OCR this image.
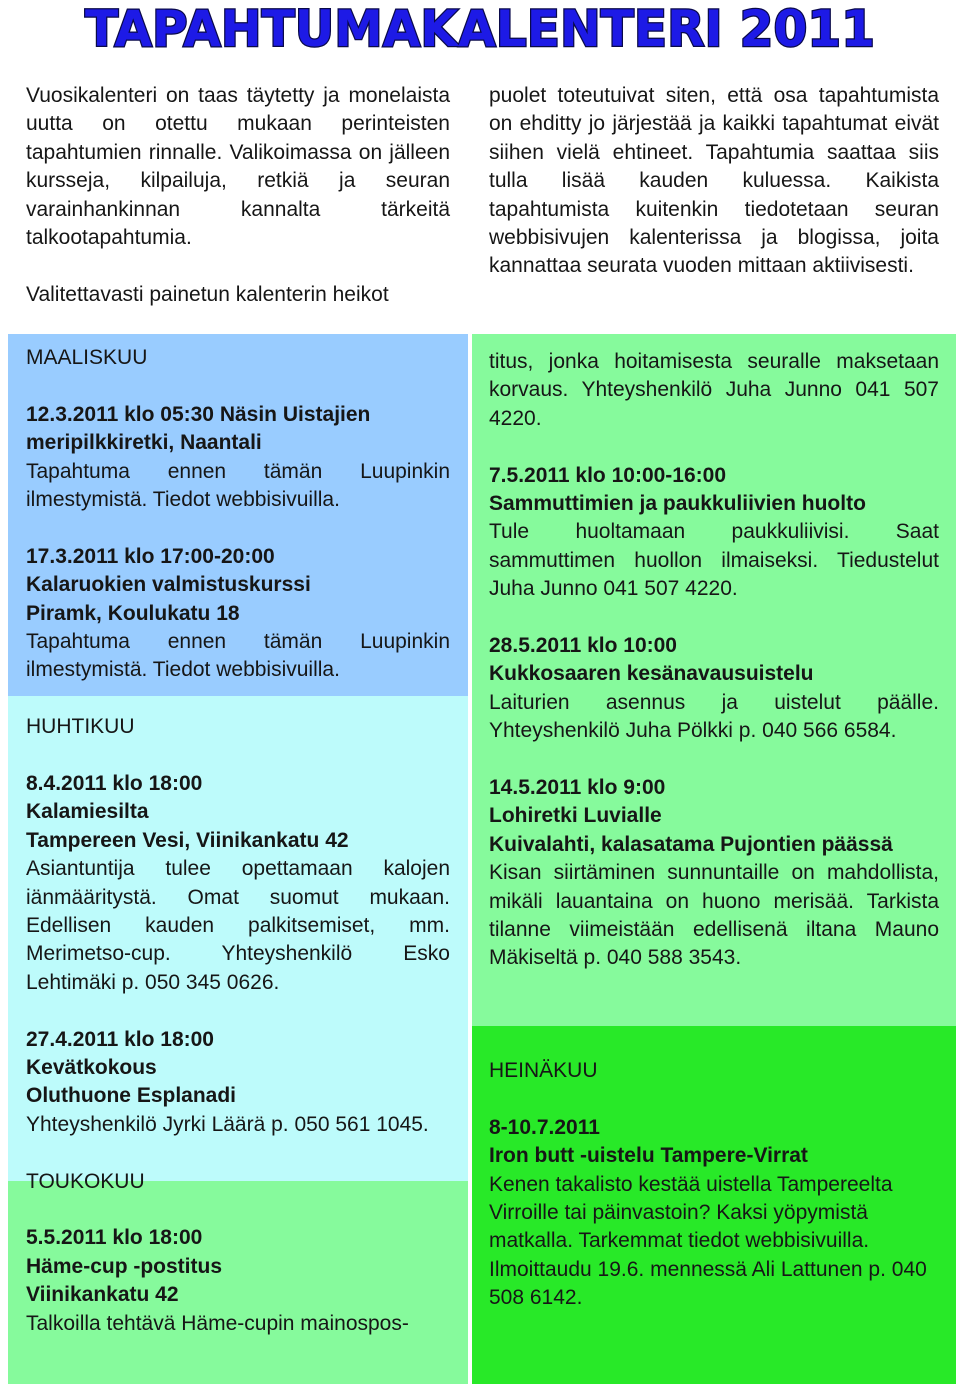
TAPAHTUMAKALENTERI 2011

Vuosikalenteri on taas täytetty ja monelaista uutta on otettu mukaan perinteisten tapahtumien rinnalle. Valikoimassa on jälleen kursseja, kilpailuja, retkiä ja seuran varainhankinnan kannalta tärkeitä talkootapahtumia.

Valitettavasti painetun kalenterin heikot

puolet toteutuivat siten, että osa tapahtumista on ehditty jo järjestää ja kaikki tapahtumat eivät siihen vielä ehtineet. Tapahtumia saattaa siis tulla lisää kauden kuluessa. Kaikista tapahtumista kuitenkin tiedotetaan seuran webbisivujen kalenterissa ja blogissa, joita kannattaa seurata vuoden mittaan aktiivisesti.

MAALISKUU

12.3.2011 klo 05:30 Näsin Uistajien meripilkkiretki, Naantali

Tapahtuma ennen tämän Luupinkin ilmestymistä. Tiedot webbisivuilla.

17.3.2011 klo 17:00-20:00

Kalaruokien valmistuskurssi

Piramk, Koulukatu 18

Tapahtuma ennen tämän Luupinkin ilmestymistä. Tiedot webbisivuilla.

HUHTIKUU

8.4.2011 klo 18:00

Kalamiesilta

Tampereen Vesi, Viinikankatu 42

Asiantuntija tulee opettamaan kalojen iänmääritystä. Omat suomut mukaan. Edellisen kauden palkitsemiset, mm. Merimetso-cup. Yhteyshenkilö Esko Lehtimäki p. 050 345 0626.

27.4.2011 klo 18:00

Kevätkokous

Oluthuone Esplanadi

Yhteyshenkilö Jyrki Läärä p. 050 561 1045.

TOUKOKUU

5.5.2011 klo 18:00

Häme-cup -postitus

Viinikankatu 42

Talkoilla tehtävä Häme-cupin mainospos-

titus, jonka hoitamisesta seuralle maksetaan korvaus. Yhteyshenkilö Juha Junno 041 507 4220.

7.5.2011 klo 10:00-16:00

Sammuttimien ja paukkuliivien huolto

Tule huoltamaan paukkuliivisi. Saat sammuttimen huollon ilmaiseksi. Tiedustelut Juha Junno 041 507 4220.

28.5.2011 klo 10:00

Kukkosaaren kesänavausuistelu

Laiturien asennus ja uistelut päälle. Yhteyshenkilö Juha Pölkki p. 040 566 6584.

14.5.2011 klo 9:00

Lohiretki Luvialle

Kuivalahti, kalasatama Pujontien päässä

Kisan siirtäminen sunnuntaille on mahdollista, mikäli lauantaina on huono merisää. Tarkista tilanne viimeistään edellisenä iltana Mauno Mäkiseltä p. 040 588 3543.

HEINÄKUU

8-10.7.2011

Iron butt -uistelu Tampere-Virrat

Kenen takalisto kestää uistella Tampereelta Virroille tai päinvastoin? Kaksi yöpymistä matkalla. Tarkemmat tiedot webbisivuilla. Ilmoittaudu 19.6. mennessä Ali Lattunen p. 040 508 6142.
